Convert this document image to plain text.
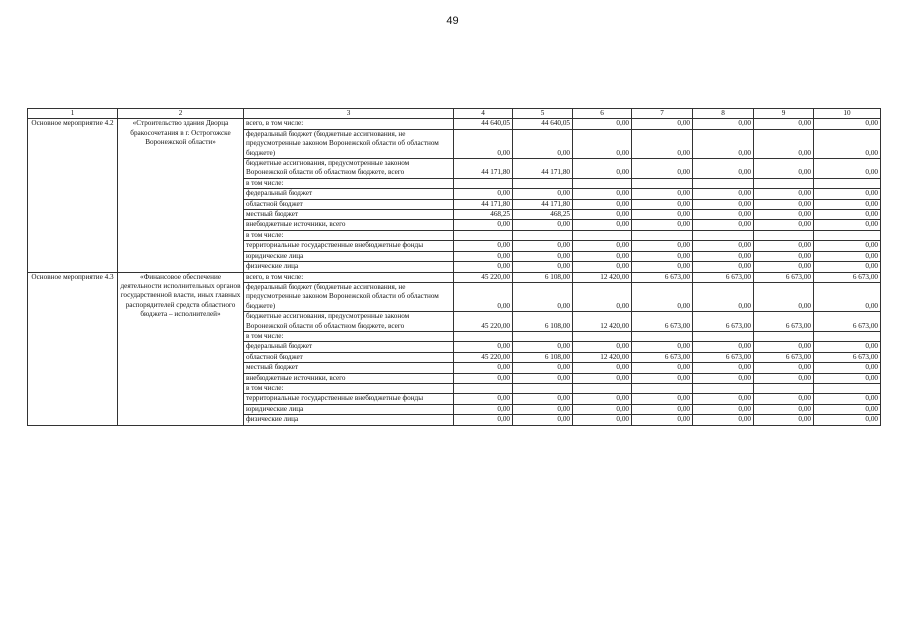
49
1	2	3	4	5	6	7	8	9	10
Основное мероприятие 4.2	«Строительство здания Дворца бракосочетания в г. Острогожске Воронежской области»	всего, в том числе:	44 640,05	44 640,05	0,00	0,00	0,00	0,00	0,00
		федеральный бюджет (бюджетные ассигнования, не предусмотренные законом Воронежской области об областном бюджете)	0,00	0,00	0,00	0,00	0,00	0,00	0,00
		бюджетные ассигнования, предусмотренные законом Воронежской области об областном бюджете, всего	44 171,80	44 171,80	0,00	0,00	0,00	0,00	0,00
		в том числе:							
		федеральный бюджет	0,00	0,00	0,00	0,00	0,00	0,00	0,00
		областной бюджет	44 171,80	44 171,80	0,00	0,00	0,00	0,00	0,00
		местный бюджет	468,25	468,25	0,00	0,00	0,00	0,00	0,00
		внебюджетные источники, всего	0,00	0,00	0,00	0,00	0,00	0,00	0,00
		в том числе:							
		территориальные государственные внебюджетные фонды	0,00	0,00	0,00	0,00	0,00	0,00	0,00
		юридические лица	0,00	0,00	0,00	0,00	0,00	0,00	0,00
		физические лица	0,00	0,00	0,00	0,00	0,00	0,00	0,00
Основное мероприятие 4.3	«Финансовое обеспечение деятельности исполнительных органов государственной власти, иных главных распорядителей средств областного бюджета – исполнителей»	всего, в том числе:	45 220,00	6 108,00	12 420,00	6 673,00	6 673,00	6 673,00	6 673,00
		федеральный бюджет (бюджетные ассигнования, не предусмотренные законом Воронежской области об областном бюджете)	0,00	0,00	0,00	0,00	0,00	0,00	0,00
		бюджетные ассигнования, предусмотренные законом Воронежской области об областном бюджете, всего	45 220,00	6 108,00	12 420,00	6 673,00	6 673,00	6 673,00	6 673,00
		в том числе:							
		федеральный бюджет	0,00	0,00	0,00	0,00	0,00	0,00	0,00
		областной бюджет	45 220,00	6 108,00	12 420,00	6 673,00	6 673,00	6 673,00	6 673,00
		местный бюджет	0,00	0,00	0,00	0,00	0,00	0,00	0,00
		внебюджетные источники, всего	0,00	0,00	0,00	0,00	0,00	0,00	0,00
		в том числе:							
		территориальные государственные внебюджетные фонды	0,00	0,00	0,00	0,00	0,00	0,00	0,00
		юридические лица	0,00	0,00	0,00	0,00	0,00	0,00	0,00
		физические лица	0,00	0,00	0,00	0,00	0,00	0,00	0,00
